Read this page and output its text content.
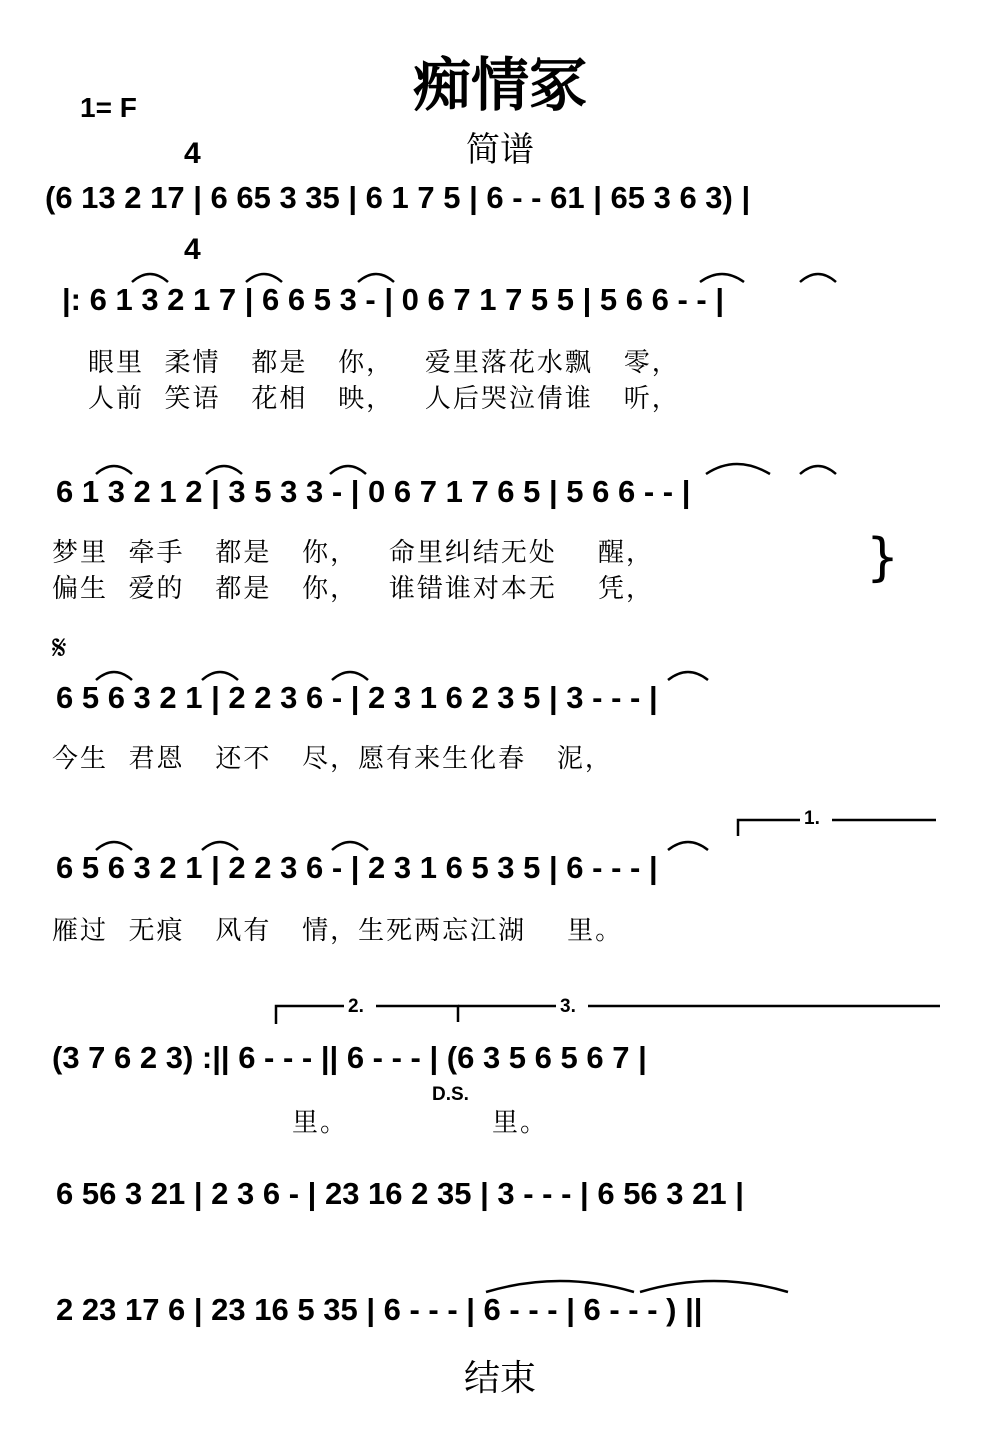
痴情冢
简谱
1= F

4

4

(6 13 2 17 | 6 65 3 35 | 6 1 7 5 | 6 - - 61 | 65 3 6 3) |
|: 6 1 3 2 1 7 | 6 6 5 3 - | 0 6 7 1 7 5 5 | 5 6 6 - - |
眼里  柔情   都是   你，   爱里落花水飘   零，
人前  笑语   花相   映，   人后哭泣倩谁   听，
6 1 3 2 1 2 | 3 5 3 3 - | 0 6 7 1 7 6 5 | 5 6 6 - - |
梦里  牵手   都是   你，   命里纠结无处    醒，
偏生  爱的   都是   你，   谁错谁对本无    凭，
}
𝄋
6 5 6 3 2 1 | 2 2 3 6 - | 2 3 1 6 2 3 5 | 3 - - - |
今生  君恩   还不   尽，愿有来生化春   泥，
1.
6 5 6 3 2 1 | 2 2 3 6 - | 2 3 1 6 5 3 5 | 6 - - - |
雁过  无痕   风有   情，生死两忘江湖    里。
2.	3.
(3 7 6 2 3) :|| 6 - - - || 6 - - - | (6 3 5 6 5 6 7 |
D.S.
里。	里。
6 56 3 21 | 2 3 6 - | 23 16 2 35 | 3 - - - | 6 56 3 21 |
2 23 17 6 | 23 16 5 35 | 6 - - - | 6 - - - | 6 - - - ) ||
结束
